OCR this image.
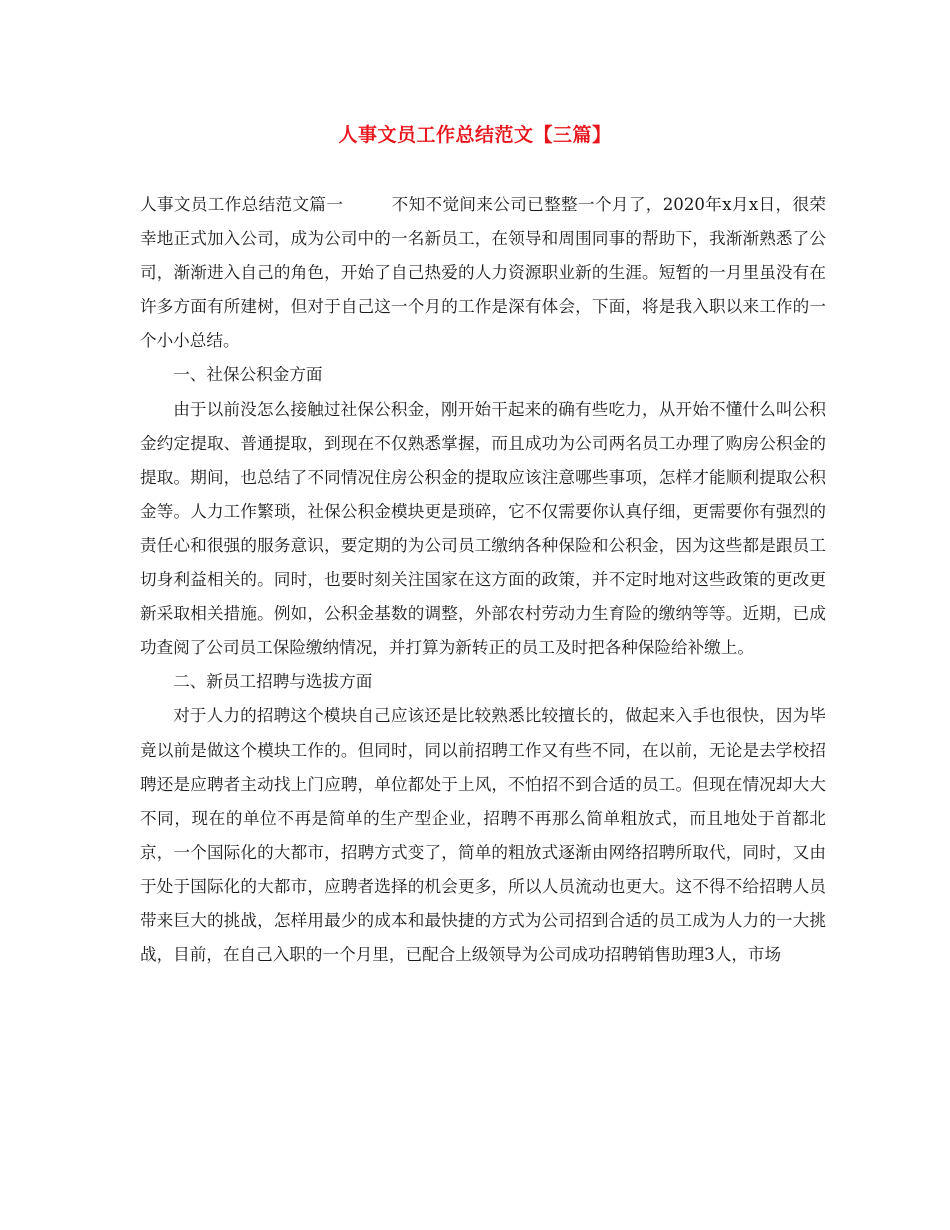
人事文员工作总结范文【三篇】

人事文员工作总结范文篇一	不知不觉间来公司已整整一个月了，2020年x月x日，很荣幸地正式加入公司，成为公司中的一名新员工，在领导和周围同事的帮助下，我渐渐熟悉了公司，渐渐进入自己的角色，开始了自己热爱的人力资源职业新的生涯。短暂的一月里虽没有在许多方面有所建树，但对于自己这一个月的工作是深有体会，下面，将是我入职以来工作的一个小小总结。

一、社保公积金方面

由于以前没怎么接触过社保公积金，刚开始干起来的确有些吃力，从开始不懂什么叫公积金约定提取、普通提取，到现在不仅熟悉掌握，而且成功为公司两名员工办理了购房公积金的提取。期间，也总结了不同情况住房公积金的提取应该注意哪些事项，怎样才能顺利提取公积金等。人力工作繁琐，社保公积金模块更是琐碎，它不仅需要你认真仔细，更需要你有强烈的责任心和很强的服务意识，要定期的为公司员工缴纳各种保险和公积金，因为这些都是跟员工切身利益相关的。同时，也要时刻关注国家在这方面的政策，并不定时地对这些政策的更改更新采取相关措施。例如，公积金基数的调整，外部农村劳动力生育险的缴纳等等。近期，已成功查阅了公司员工保险缴纳情况，并打算为新转正的员工及时把各种保险给补缴上。

二、新员工招聘与选拔方面

对于人力的招聘这个模块自己应该还是比较熟悉比较擅长的，做起来入手也很快，因为毕竟以前是做这个模块工作的。但同时，同以前招聘工作又有些不同，在以前，无论是去学校招聘还是应聘者主动找上门应聘，单位都处于上风，不怕招不到合适的员工。但现在情况却大大不同，现在的单位不再是简单的生产型企业，招聘不再那么简单粗放式，而且地处于首都北京，一个国际化的大都市，招聘方式变了，简单的粗放式逐渐由网络招聘所取代，同时，又由于处于国际化的大都市，应聘者选择的机会更多，所以人员流动也更大。这不得不给招聘人员带来巨大的挑战，怎样用最少的成本和最快捷的方式为公司招到合适的员工成为人力的一大挑战，目前，在自己入职的一个月里，已配合上级领导为公司成功招聘销售助理3人，市场
